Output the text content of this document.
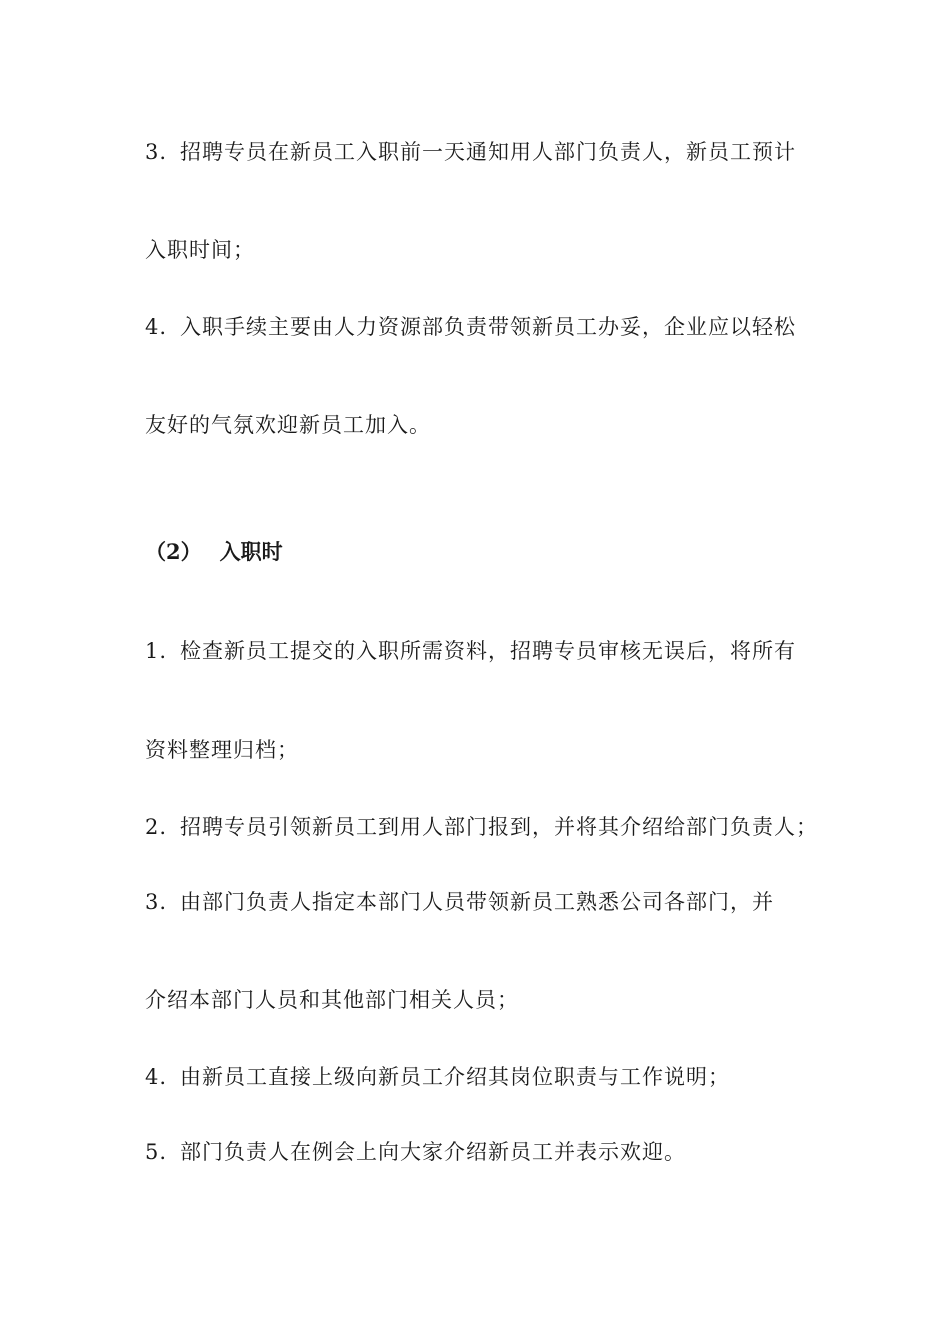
3. 招聘专员在新员工入职前一天通知用人部门负责人，新员工预计
入职时间；
4. 入职手续主要由人力资源部负责带领新员工办妥，企业应以轻松
友好的气氛欢迎新员工加入。
（2） 入职时
1. 检查新员工提交的入职所需资料，招聘专员审核无误后，将所有
资料整理归档；
2. 招聘专员引领新员工到用人部门报到，并将其介绍给部门负责人；
3. 由部门负责人指定本部门人员带领新员工熟悉公司各部门，并
介绍本部门人员和其他部门相关人员；
4. 由新员工直接上级向新员工介绍其岗位职责与工作说明；
5. 部门负责人在例会上向大家介绍新员工并表示欢迎。
